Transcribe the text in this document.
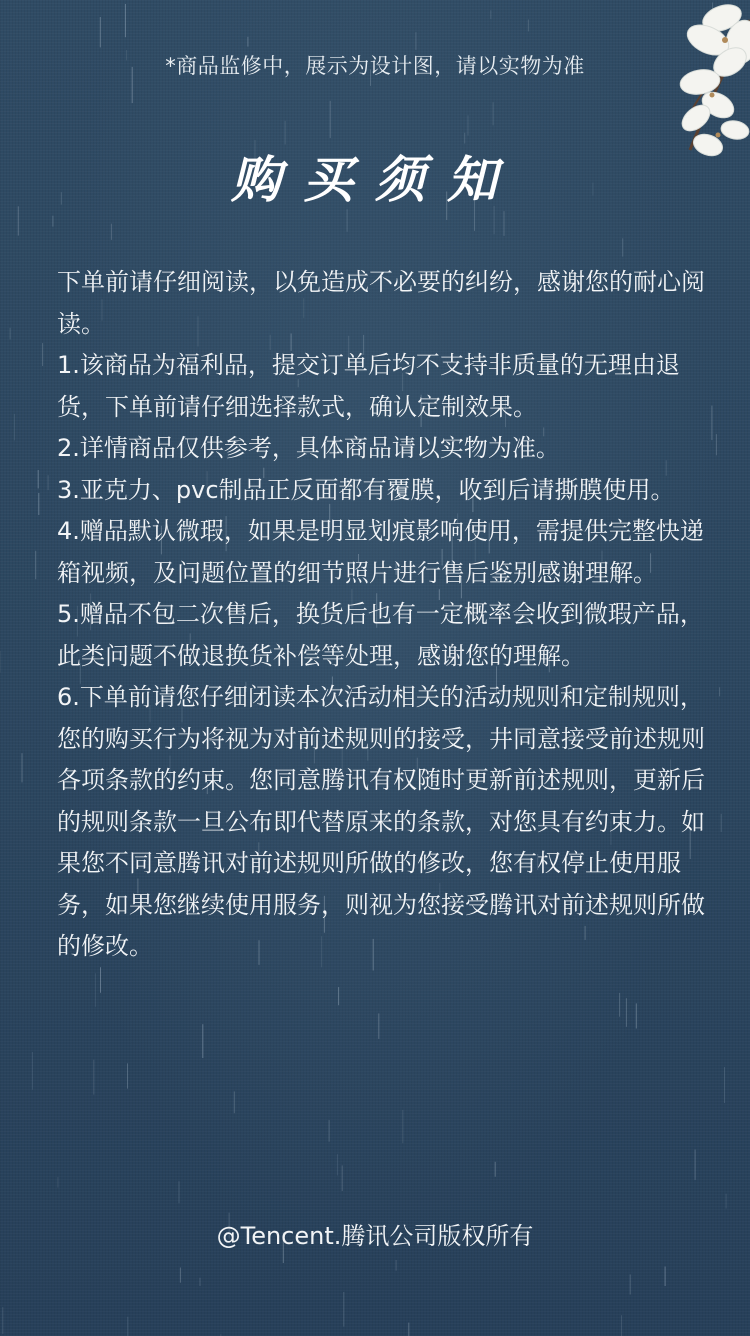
*商品监修中，展示为设计图，请以实物为准
购买须知

下单前请仔细阅读，以免造成不必要的纠纷，感谢您的耐心阅读。

1.该商品为福利品，提交订单后均不支持非质量的无理由退货，下单前请仔细选择款式，确认定制效果。

2.详情商品仅供参考，具体商品请以实物为准。

3.亚克力、pvc制品正反面都有覆膜，收到后请撕膜使用。

4.赠品默认微瑕，如果是明显划痕影响使用，需提供完整快递箱视频，及问题位置的细节照片进行售后鉴别感谢理解。

5.赠品不包二次售后，换货后也有一定概率会收到微瑕产品，此类问题不做退换货补偿等处理，感谢您的理解。

6.下单前请您仔细闭读本次活动相关的活动规则和定制规则，您的购买行为将视为对前述规则的接受，井同意接受前述规则各项条款的约束。您同意腾讯有权随时更新前述规则，更新后的规则条款一旦公布即代替原来的条款，对您具有约束力。如果您不同意腾讯对前述规则所做的修改，您有权停止使用服务，如果您继续使用服务，则视为您接受腾讯对前述规则所做的修改。

@Tencent.腾讯公司版权所有
